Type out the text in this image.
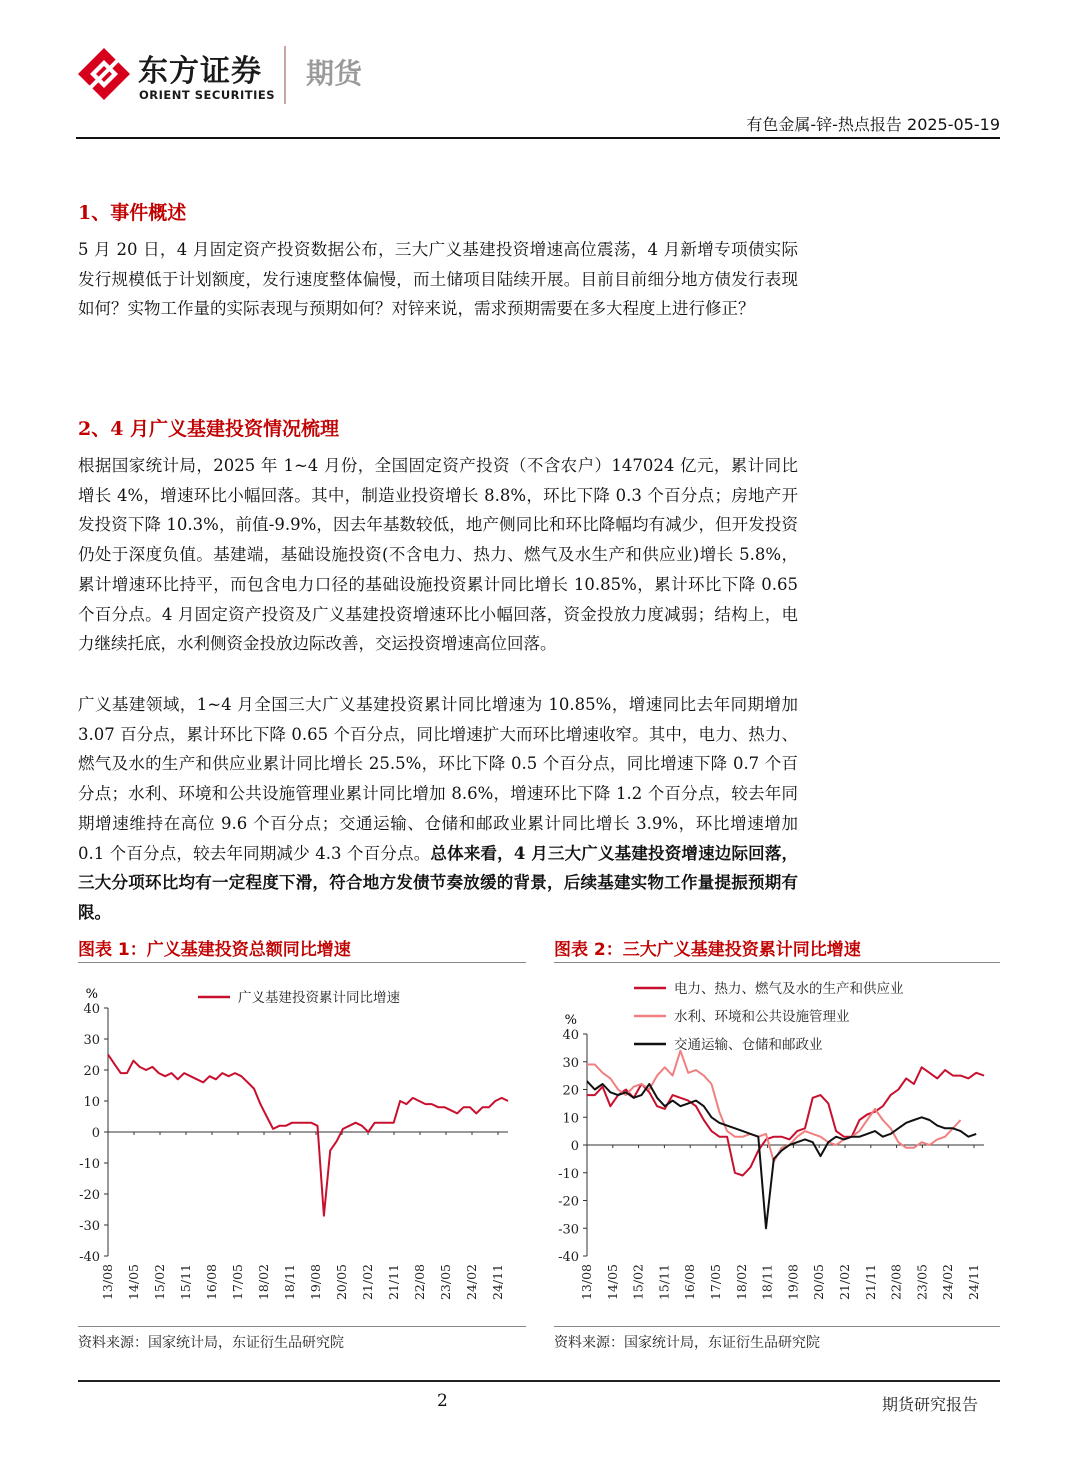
东方证券
ORIENT SECURITIES
期货
有色金属-锌-热点报告 2025-05-19
1、事件概述

5 月 20 日，4 月固定资产投资数据公布，三大广义基建投资增速高位震荡，4 月新增专项债实际发行规模低于计划额度，发行速度整体偏慢，而土储项目陆续开展。目前目前细分地方债发行表现如何？实物工作量的实际表现与预期如何？对锌来说，需求预期需要在多大程度上进行修正？

2、4 月广义基建投资情况梳理

根据国家统计局，2025 年 1~4 月份，全国固定资产投资（不含农户）147024 亿元，累计同比增长 4%，增速环比小幅回落。其中，制造业投资增长 8.8%，环比下降 0.3 个百分点；房地产开发投资下降 10.3%，前值-9.9%，因去年基数较低，地产侧同比和环比降幅均有减少，但开发投资仍处于深度负值。基建端，基础设施投资(不含电力、热力、燃气及水生产和供应业)增长 5.8%，累计增速环比持平，而包含电力口径的基础设施投资累计同比增长 10.85%，累计环比下降 0.65 个百分点。4 月固定资产投资及广义基建投资增速环比小幅回落，资金投放力度减弱；结构上，电力继续托底，水利侧资金投放边际改善，交运投资增速高位回落。

广义基建领域，1~4 月全国三大广义基建投资累计同比增速为 10.85%，增速同比去年同期增加 3.07 百分点，累计环比下降 0.65 个百分点，同比增速扩大而环比增速收窄。其中，电力、热力、燃气及水的生产和供应业累计同比增长 25.5%，环比下降 0.5 个百分点，同比增速下降 0.7 个百分点；水利、环境和公共设施管理业累计同比增加 8.6%，增速环比下降 1.2 个百分点，较去年同期增速维持在高位 9.6 个百分点；交通运输、仓储和邮政业累计同比增长 3.9%，环比增速增加 0.1 个百分点，较去年同期减少 4.3 个百分点。总体来看，4 月三大广义基建投资增速边际回落，三大分项环比均有一定程度下滑，符合地方发债节奏放缓的背景，后续基建实物工作量提振预期有限。

图表 1：广义基建投资总额同比增速
%
40
30
20
10
0
-10
-20
-30
-40
13/08 14/05 15/02 15/11 16/08 17/05 18/02 18/11 19/08 20/05 21/02 21/11 22/08 23/05 24/02 24/11
广义基建投资累计同比增速
资料来源：国家统计局，东证衍生品研究院
图表 2：三大广义基建投资累计同比增速
%
40
30
20
10
0
-10
-20
-30
-40
13/08 14/05 15/02 15/11 16/08 17/05 18/02 18/11 19/08 20/05 21/02 21/11 22/08 23/05 24/02 24/11
电力、热力、燃气及水的生产和供应业
水利、环境和公共设施管理业
交通运输、仓储和邮政业
资料来源：国家统计局，东证衍生品研究院
2	期货研究报告
